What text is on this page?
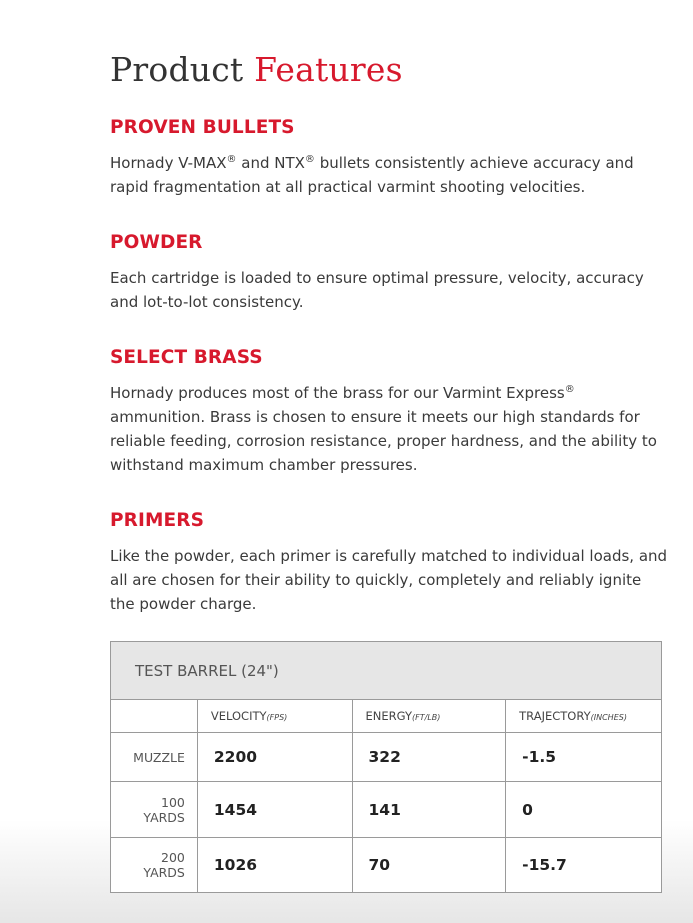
Product Features
PROVEN BULLETS

Hornady V-MAX® and NTX® bullets consistently achieve accuracy and rapid fragmentation at all practical varmint shooting velocities.

POWDER

Each cartridge is loaded to ensure optimal pressure, velocity, accuracy and lot-to-lot consistency.

SELECT BRASS

Hornady produces most of the brass for our Varmint Express® ammunition. Brass is chosen to ensure it meets our high standards for reliable feeding, corrosion resistance, proper hardness, and the ability to withstand maximum chamber pressures.

PRIMERS

Like the powder, each primer is carefully matched to individual loads, and all are chosen for their ability to quickly, completely and reliably ignite the powder charge.

TEST BARREL (24")			
	VELOCITY(FPS)	ENERGY(FT/LB)	TRAJECTORY(INCHES)
MUZZLE	2200	322	-1.5
100
YARDS	1454	141	0
200
YARDS	1026	70	-15.7
